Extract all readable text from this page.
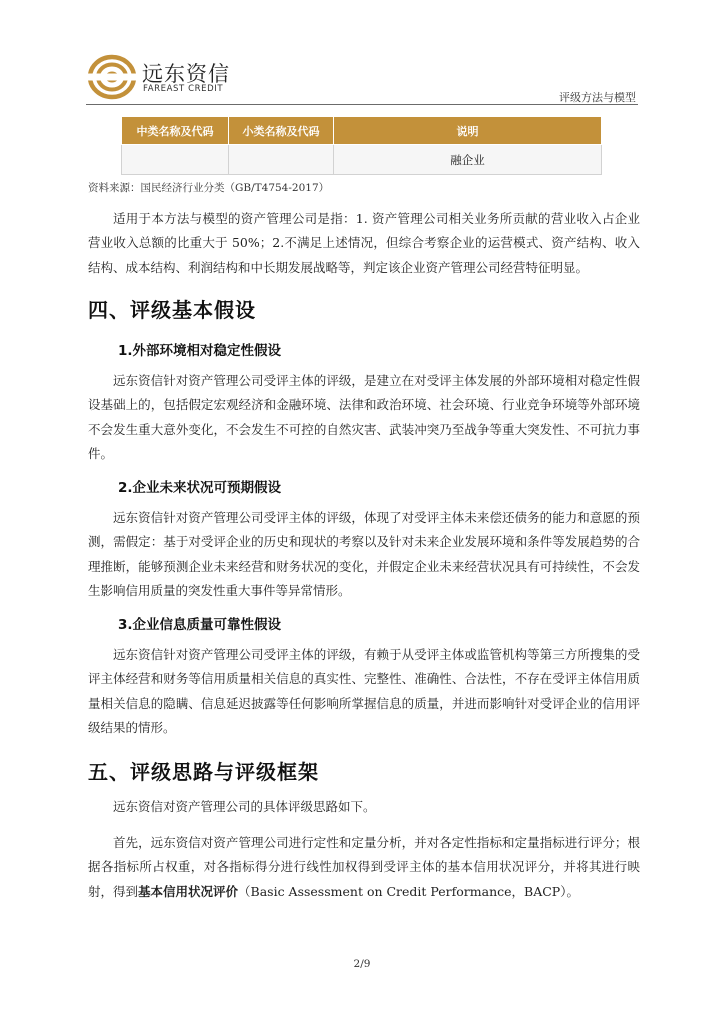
远东资信
FAREAST CREDIT
评级方法与模型
中类名称及代码	小类名称及代码	说明
		融企业
资料来源：国民经济行业分类（GB/T4754-2017）
适用于本方法与模型的资产管理公司是指：1. 资产管理公司相关业务所贡献的营业收入占企业营业收入总额的比重大于 50%；2.不满足上述情况，但综合考察企业的运营模式、资产结构、收入结构、成本结构、利润结构和中长期发展战略等，判定该企业资产管理公司经营特征明显。
四、评级基本假设
1.外部环境相对稳定性假设
远东资信针对资产管理公司受评主体的评级，是建立在对受评主体发展的外部环境相对稳定性假设基础上的，包括假定宏观经济和金融环境、法律和政治环境、社会环境、行业竞争环境等外部环境不会发生重大意外变化，不会发生不可控的自然灾害、武装冲突乃至战争等重大突发性、不可抗力事件。
2.企业未来状况可预期假设
远东资信针对资产管理公司受评主体的评级，体现了对受评主体未来偿还债务的能力和意愿的预测，需假定：基于对受评企业的历史和现状的考察以及针对未来企业发展环境和条件等发展趋势的合理推断，能够预测企业未来经营和财务状况的变化，并假定企业未来经营状况具有可持续性，不会发生影响信用质量的突发性重大事件等异常情形。
3.企业信息质量可靠性假设
远东资信针对资产管理公司受评主体的评级，有赖于从受评主体或监管机构等第三方所搜集的受评主体经营和财务等信用质量相关信息的真实性、完整性、准确性、合法性，不存在受评主体信用质量相关信息的隐瞒、信息延迟披露等任何影响所掌握信息的质量，并进而影响针对受评企业的信用评级结果的情形。
五、评级思路与评级框架
远东资信对资产管理公司的具体评级思路如下。
首先，远东资信对资产管理公司进行定性和定量分析，并对各定性指标和定量指标进行评分；根据各指标所占权重，对各指标得分进行线性加权得到受评主体的基本信用状况评分，并将其进行映射，得到基本信用状况评价（Basic Assessment on Credit Performance，BACP）。
2/9
